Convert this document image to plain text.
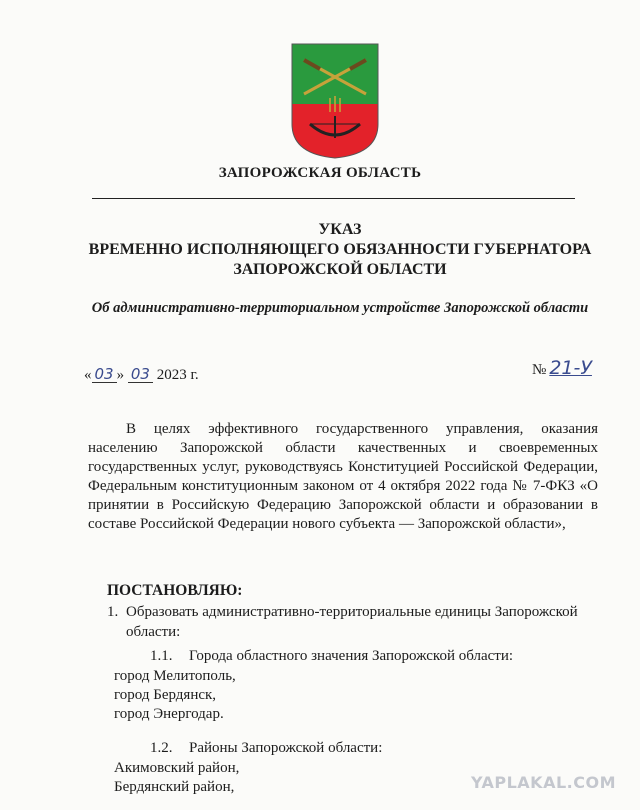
ЗАПОРОЖСКАЯ ОБЛАСТЬ
УКАЗ
ВРЕМЕННО ИСПОЛНЯЮЩЕГО ОБЯЗАННОСТИ ГУБЕРНАТОРА
ЗАПОРОЖСКОЙ ОБЛАСТИ
Об административно-территориальном устройстве Запорожской области
« 03 » 03 2023 г.	№ 21-У
В целях эффективного государственного управления, оказания населению Запорожской области качественных и своевременных государственных услуг, руководствуясь Конституцией Российской Федерации, Федеральным конституционным законом от 4 октября 2022 года № 7-ФКЗ «О принятии в Российскую Федерацию Запорожской области и образовании в составе Российской Федерации нового субъекта — Запорожской области»,
ПОСТАНОВЛЯЮ:
1. Образовать административно-территориальные единицы Запорожской
области:
1.1. Города областного значения Запорожской области:
город Мелитополь,
город Бердянск,
город Энергодар.
1.2. Районы Запорожской области:
Акимовский район,
Бердянский район,	YAPLAKAL.COM
